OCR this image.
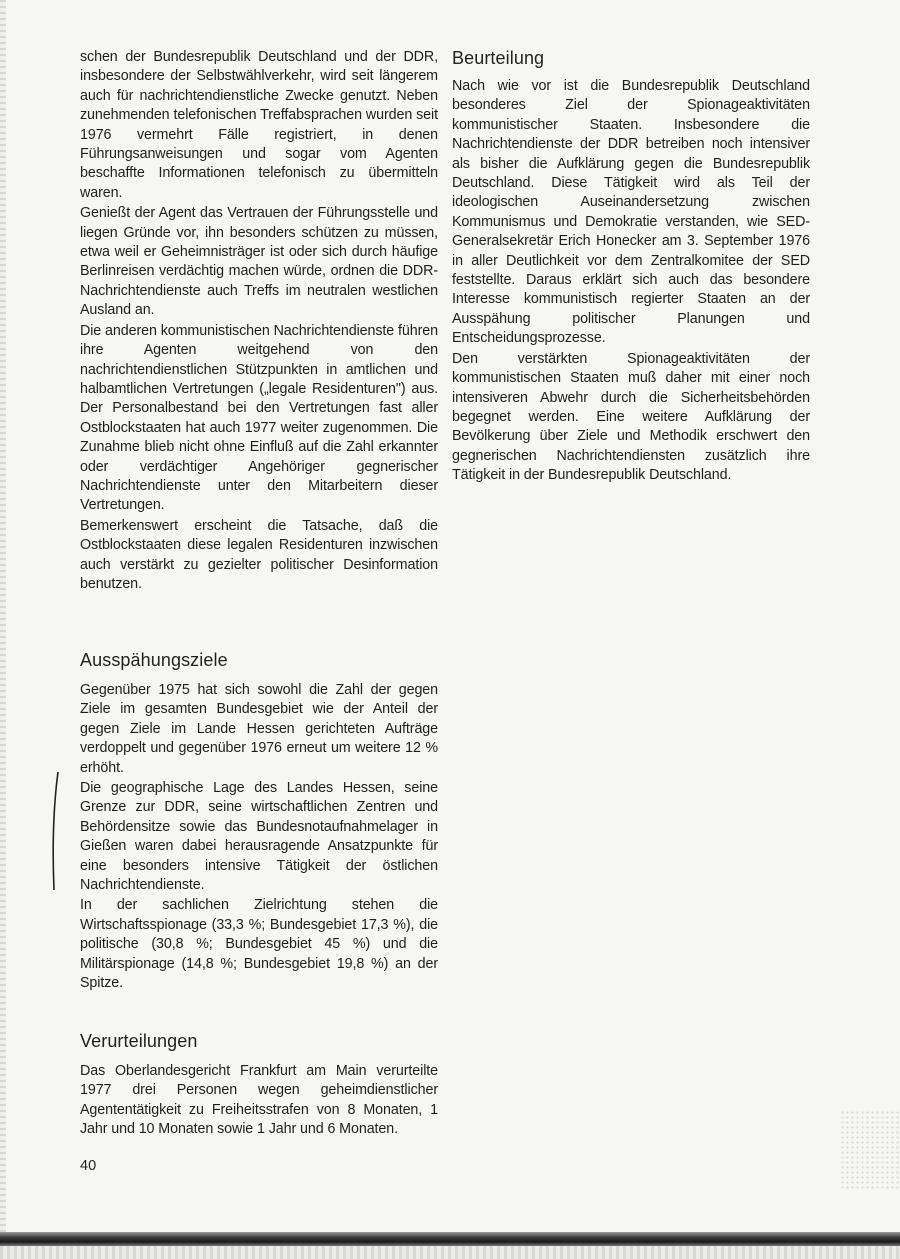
schen der Bundesrepublik Deutschland und der DDR, insbesondere der Selbstwählverkehr, wird seit längerem auch für nachrichtendienstliche Zwecke genutzt. Neben zunehmenden telefonischen Treffabsprachen wurden seit 1976 vermehrt Fälle registriert, in denen Führungsanweisungen und sogar vom Agenten beschaffte Informationen telefonisch zu übermitteln waren.

Genießt der Agent das Vertrauen der Führungsstelle und liegen Gründe vor, ihn besonders schützen zu müssen, etwa weil er Geheimnisträger ist oder sich durch häufige Berlinreisen verdächtig machen würde, ordnen die DDR-Nachrichtendienste auch Treffs im neutralen westlichen Ausland an.

Die anderen kommunistischen Nachrichtendienste führen ihre Agenten weitgehend von den nachrichtendienstlichen Stützpunkten in amtlichen und halbamtlichen Vertretungen („legale Residenturen") aus. Der Personalbestand bei den Vertretungen fast aller Ostblockstaaten hat auch 1977 weiter zugenommen. Die Zunahme blieb nicht ohne Einfluß auf die Zahl erkannter oder verdächtiger Angehöriger gegnerischer Nachrichtendienste unter den Mitarbeitern dieser Vertretungen.

Bemerkenswert erscheint die Tatsache, daß die Ostblockstaaten diese legalen Residenturen inzwischen auch verstärkt zu gezielter politischer Desinformation benutzen.

Beurteilung

Nach wie vor ist die Bundesrepublik Deutschland besonderes Ziel der Spionageaktivitäten kommunistischer Staaten. Insbesondere die Nachrichtendienste der DDR betreiben noch intensiver als bisher die Aufklärung gegen die Bundesrepublik Deutschland. Diese Tätigkeit wird als Teil der ideologischen Auseinandersetzung zwischen Kommunismus und Demokratie verstanden, wie SED-Generalsekretär Erich Honecker am 3. September 1976 in aller Deutlichkeit vor dem Zentralkomitee der SED feststellte. Daraus erklärt sich auch das besondere Interesse kommunistisch regierter Staaten an der Ausspähung politischer Planungen und Entscheidungsprozesse.

Den verstärkten Spionageaktivitäten der kommunistischen Staaten muß daher mit einer noch intensiveren Abwehr durch die Sicherheitsbehörden begegnet werden. Eine weitere Aufklärung der Bevölkerung über Ziele und Methodik erschwert den gegnerischen Nachrichtendiensten zusätzlich ihre Tätigkeit in der Bundesrepublik Deutschland.

Ausspähungsziele

Gegenüber 1975 hat sich sowohl die Zahl der gegen Ziele im gesamten Bundesgebiet wie der Anteil der gegen Ziele im Lande Hessen gerichteten Aufträge verdoppelt und gegenüber 1976 erneut um weitere 12 % erhöht.

Die geographische Lage des Landes Hessen, seine Grenze zur DDR, seine wirtschaftlichen Zentren und Behördensitze sowie das Bundesnotaufnahmelager in Gießen waren dabei herausragende Ansatzpunkte für eine besonders intensive Tätigkeit der östlichen Nachrichtendienste.

In der sachlichen Zielrichtung stehen die Wirtschaftsspionage (33,3 %; Bundesgebiet 17,3 %), die politische (30,8 %; Bundesgebiet 45 %) und die Militärspionage (14,8 %; Bundesgebiet 19,8 %) an der Spitze.

Verurteilungen

Das Oberlandesgericht Frankfurt am Main verurteilte 1977 drei Personen wegen geheimdienstlicher Agententätigkeit zu Freiheitsstrafen von 8 Monaten, 1 Jahr und 10 Monaten sowie 1 Jahr und 6 Monaten.

40
